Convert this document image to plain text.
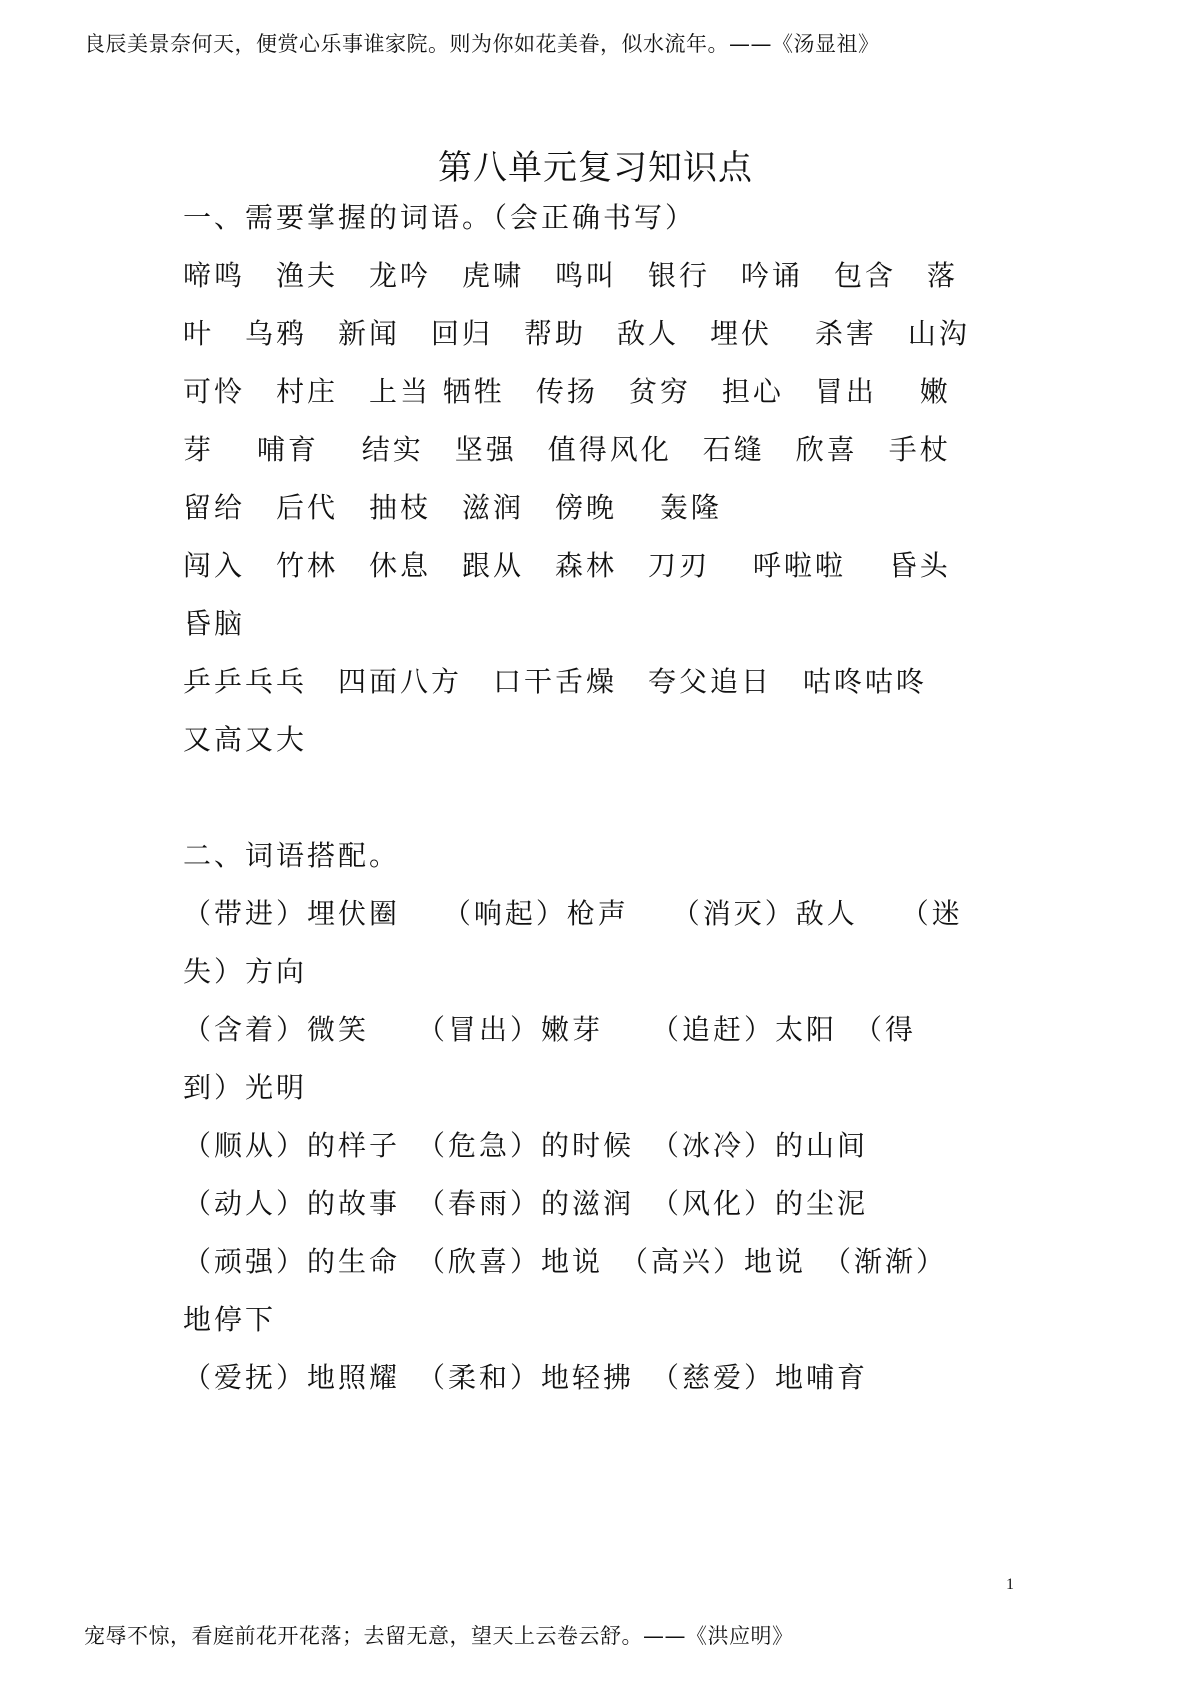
良辰美景奈何天，便赏心乐事谁家院。则为你如花美眷，似水流年。——《汤显祖》
第八单元复习知识点
一、需要掌握的词语。（会正确书写）
啼鸣　渔夫　龙吟　虎啸　鸣叫　银行　吟诵　包含　落
叶　乌鸦　新闻　回归　帮助　敌人　埋伏　 杀害　山沟
可怜　村庄　上当 牺牲　传扬　贫穷　担心　冒出　 嫩
芽　 哺育　 结实　坚强　值得风化　石缝　欣喜　手杖
留给　后代　抽枝　滋润　傍晚　 轰隆
闯入　竹林　休息　跟从　森林　刀刃　 呼啦啦　 昏头
昏脑
乒乒乓乓　四面八方　口干舌燥　夸父追日　咕咚咕咚
又高又大
二、词语搭配。
（带进）埋伏圈　 （响起）枪声　 （消灭）敌人　 （迷
失）方向
（含着）微笑　　（冒出）嫩芽　　（追赶）太阳　（得
到）光明
（顺从）的样子　（危急）的时候　（冰冷）的山间
（动人）的故事　（春雨）的滋润　（风化）的尘泥
（顽强）的生命　（欣喜）地说　（高兴）地说　（渐渐）
地停下
（爱抚）地照耀　（柔和）地轻拂　（慈爱）地哺育
1
宠辱不惊，看庭前花开花落；去留无意，望天上云卷云舒。——《洪应明》
